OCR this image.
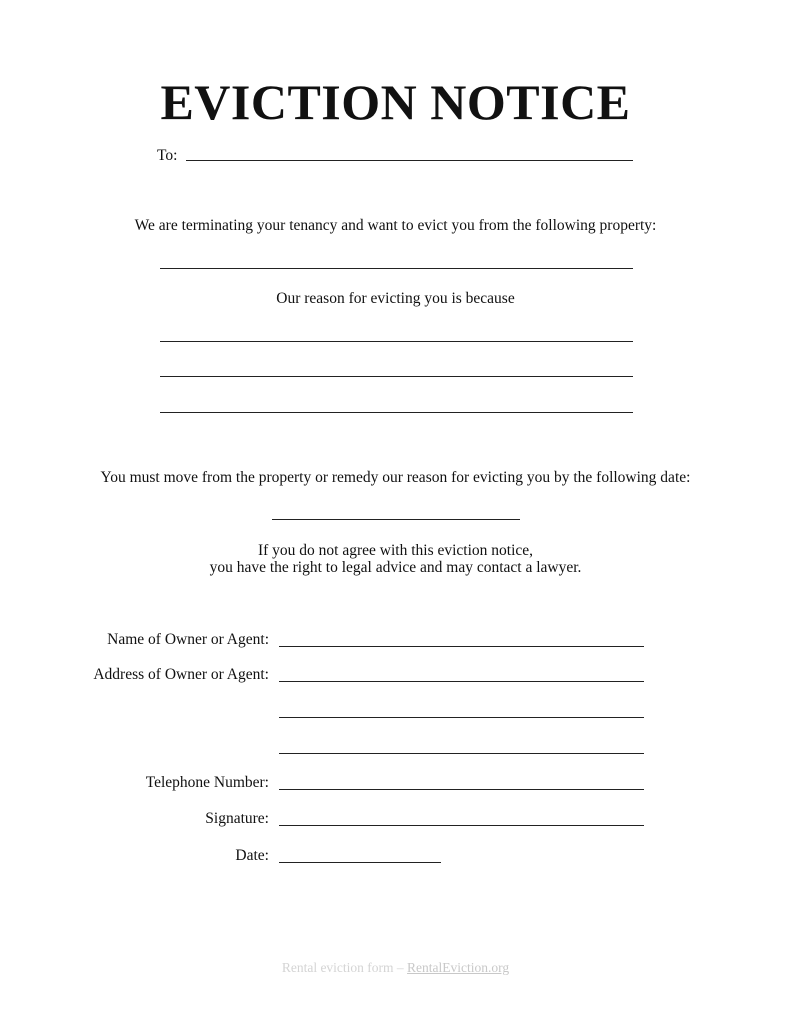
EVICTION NOTICE
To:
We are terminating your tenancy and want to evict you from the following property:
Our reason for evicting you is because
You must move from the property or remedy our reason for evicting you by the following date:
If you do not agree with this eviction notice,
you have the right to legal advice and may contact a lawyer.
Name of Owner or Agent:
Address of Owner or Agent:
Telephone Number:
Signature:
Date:
Rental eviction form – RentalEviction.org
